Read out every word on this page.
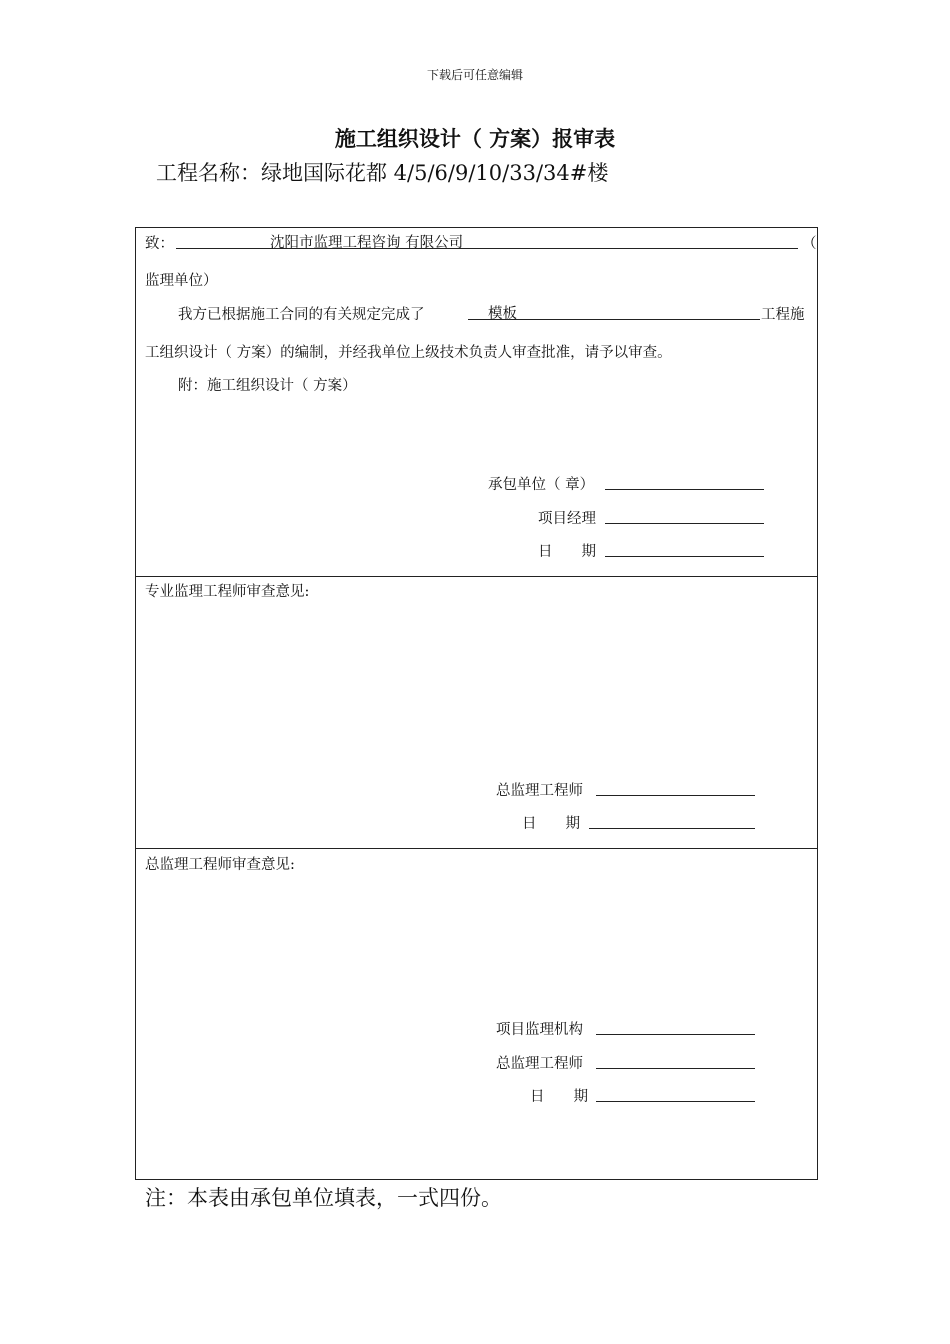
下载后可任意编辑
施工组织设计（ 方案）报审表
工程名称：绿地国际花都 4/5/6/9/10/33/34#楼
致：	沈阳市监理工程咨询 有限公司	（
监理单位）
我方已根据施工合同的有关规定完成了	模板	工程施
工组织设计（ 方案）的编制，并经我单位上级技术负责人审查批准，请予以审查。
附：施工组织设计（ 方案）
承包单位（ 章）
项目经理
日　　期
专业监理工程师审查意见:
总监理工程师
日　　期
总监理工程师审查意见:
项目监理机构
总监理工程师
日　　期
注：本表由承包单位填表，一式四份。
